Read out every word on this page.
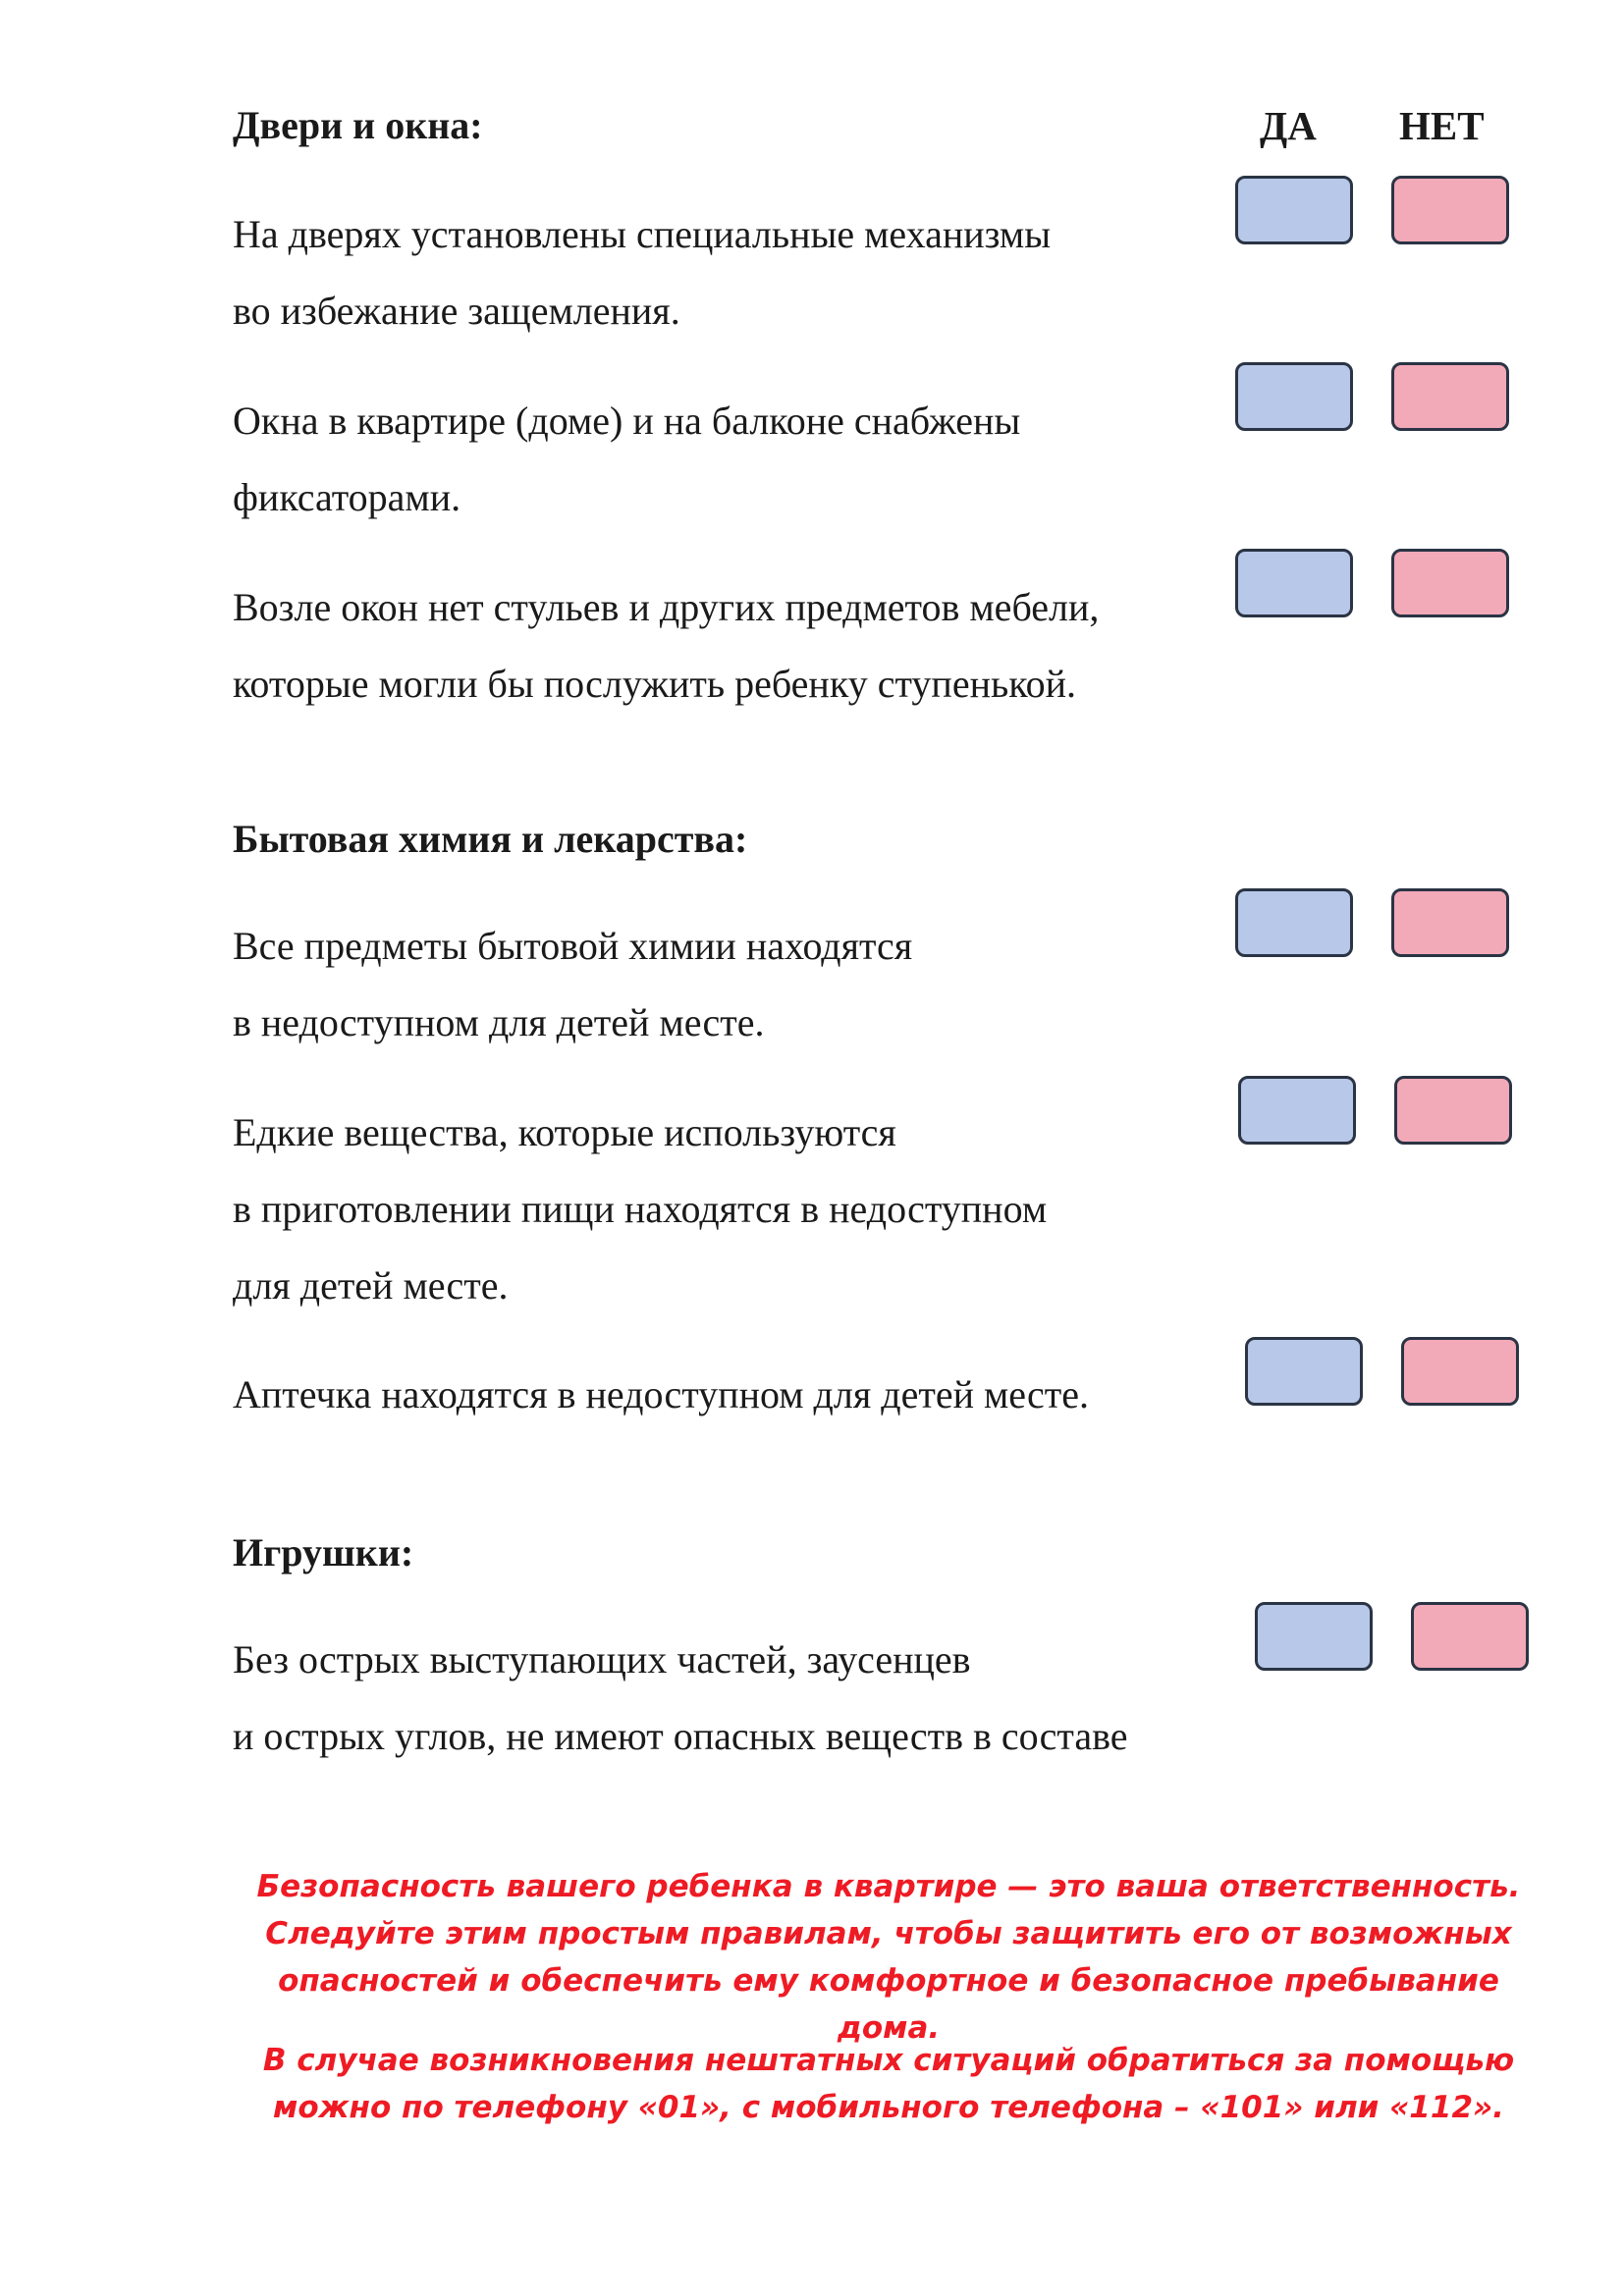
ДА НЕТ
Двери и окна:
На дверях установлены специальные механизмы
во избежание защемления.
Окна в квартире (доме) и на балконе снабжены
фиксаторами.
Возле окон нет стульев и других предметов мебели,
которые могли бы послужить ребенку ступенькой.
Бытовая химия и лекарства:
Все предметы бытовой химии находятся
в недоступном для детей месте.
Едкие вещества, которые используются
в приготовлении пищи находятся в недоступном
для детей месте.
Аптечка находятся в недоступном для детей месте.
Игрушки:
Без острых выступающих частей, заусенцев
и острых углов, не имеют опасных веществ в составе
Безопасность вашего ребенка в квартире — это ваша ответственность.
Следуйте этим простым правилам, чтобы защитить его от возможных
опасностей и обеспечить ему комфортное и безопасное пребывание дома.
В случае возникновения нештатных ситуаций обратиться за помощью
можно по телефону «01», с мобильного телефона – «101» или «112».
